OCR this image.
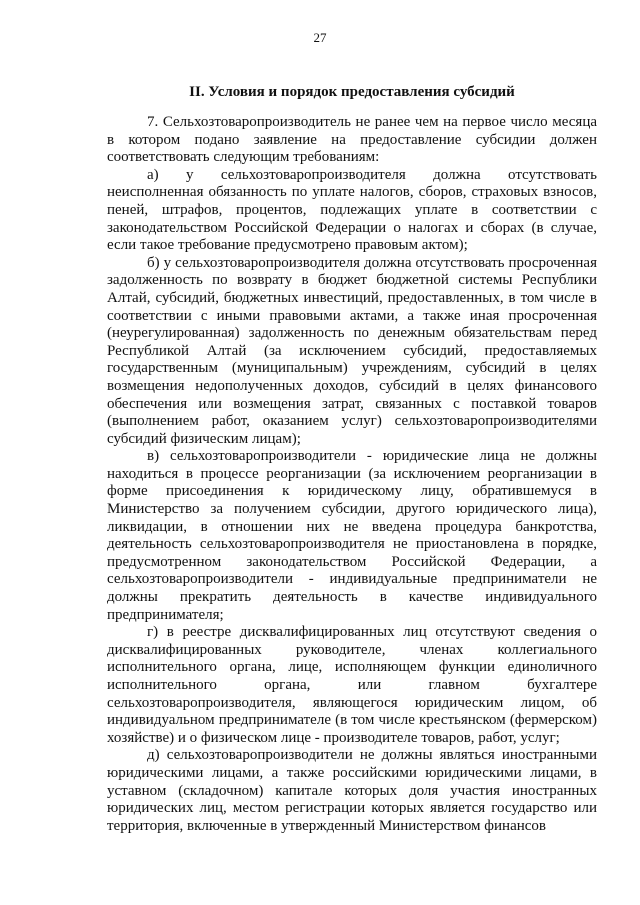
27
II. Условия и порядок предоставления субсидий

7. Сельхозтоваропроизводитель не ранее чем на первое число месяца в котором подано заявление на предоставление субсидии должен соответствовать следующим требованиям:

а) у сельхозтоваропроизводителя должна отсутствовать неисполненная обязанность по уплате налогов, сборов, страховых взносов, пеней, штрафов, процентов, подлежащих уплате в соответствии с законодательством Российской Федерации о налогах и сборах (в случае, если такое требование предусмотрено правовым актом);

б) у сельхозтоваропроизводителя должна отсутствовать просроченная задолженность по возврату в бюджет бюджетной системы Республики Алтай, субсидий, бюджетных инвестиций, предоставленных, в том числе в соответствии с иными правовыми актами, а также иная просроченная (неурегулированная) задолженность по денежным обязательствам перед Республикой Алтай (за исключением субсидий, предоставляемых государственным (муниципальным) учреждениям, субсидий в целях возмещения недополученных доходов, субсидий в целях финансового обеспечения или возмещения затрат, связанных с поставкой товаров (выполнением работ, оказанием услуг) сельхозтоваропроизводителями субсидий физическим лицам);

в) сельхозтоваропроизводители - юридические лица не должны находиться в процессе реорганизации (за исключением реорганизации в форме присоединения к юридическому лицу, обратившемуся в Министерство за получением субсидии, другого юридического лица), ликвидации, в отношении них не введена процедура банкротства, деятельность сельхозтоваропроизводителя не приостановлена в порядке, предусмотренном законодательством Российской Федерации, а сельхозтоваропроизводители - индивидуальные предприниматели не должны прекратить деятельность в качестве индивидуального предпринимателя;

г) в реестре дисквалифицированных лиц отсутствуют сведения о дисквалифицированных руководителе, членах коллегиального исполнительного органа, лице, исполняющем функции единоличного исполнительного органа, или главном бухгалтере сельхозтоваропроизводителя, являющегося юридическим лицом, об индивидуальном предпринимателе (в том числе крестьянском (фермерском) хозяйстве) и о физическом лице - производителе товаров, работ, услуг;

д) сельхозтоваропроизводители не должны являться иностранными юридическими лицами, а также российскими юридическими лицами, в уставном (складочном) капитале которых доля участия иностранных юридических лиц, местом регистрации которых является государство или территория, включенные в утвержденный Министерством финансов
